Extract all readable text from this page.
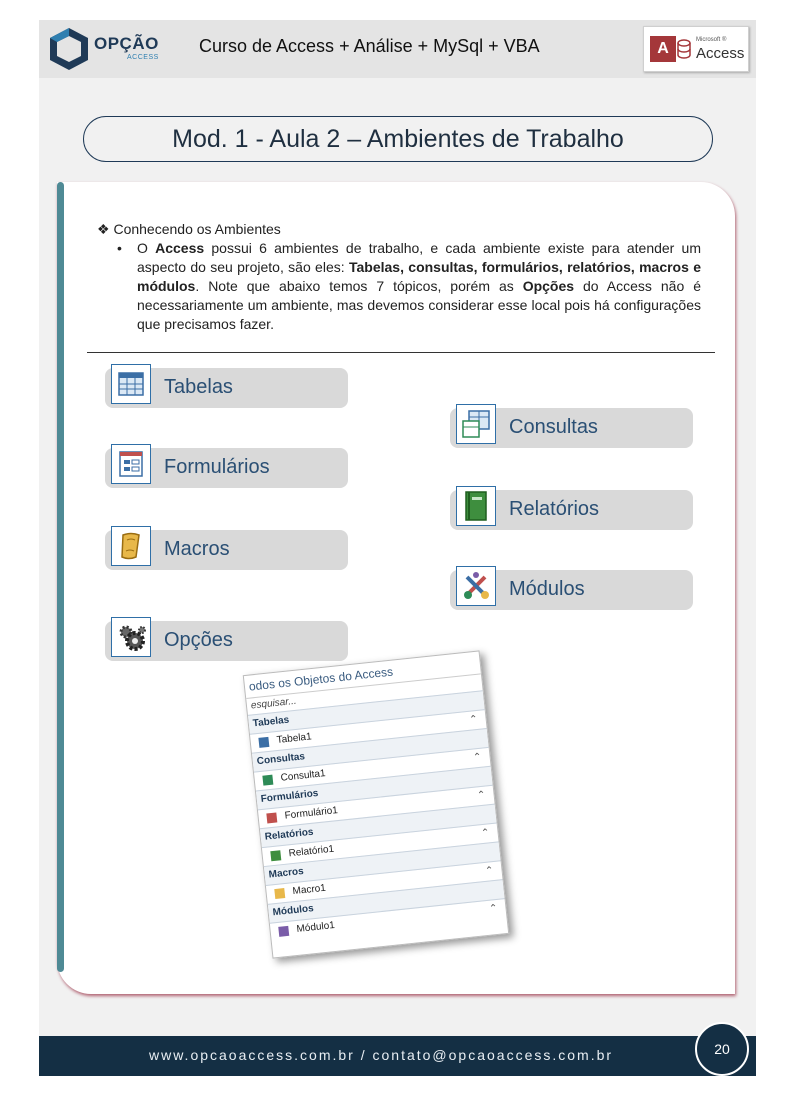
OPÇÃO
ACCESS
Curso de Access + Análise + MySql + VBA	A	Microsoft ®
Access
Mod. 1 - Aula 2 – Ambientes de Trabalho

❖ Conhecendo os Ambientes

• O Access possui 6 ambientes de trabalho, e cada ambiente existe para atender um aspecto do seu projeto, são eles: Tabelas, consultas, formulários, relatórios, macros e módulos. Note que abaixo temos 7 tópicos, porém as Opções do Access não é necessariamente um ambiente, mas devemos considerar esse local pois há configurações que precisamos fazer.
Tabelas
Consultas
Formulários
Relatórios
Macros
Módulos
Opções
odos os Objetos do Access
esquisar...
Tabelas
Tabela1
⌃
Consultas
Consulta1
⌃
Formulários
Formulário1
⌃
Relatórios
Relatório1
⌃
Macros
Macro1
⌃
Módulos
Módulo1
⌃
www.opcaoaccess.com.br / contato@opcaoaccess.com.br	20
